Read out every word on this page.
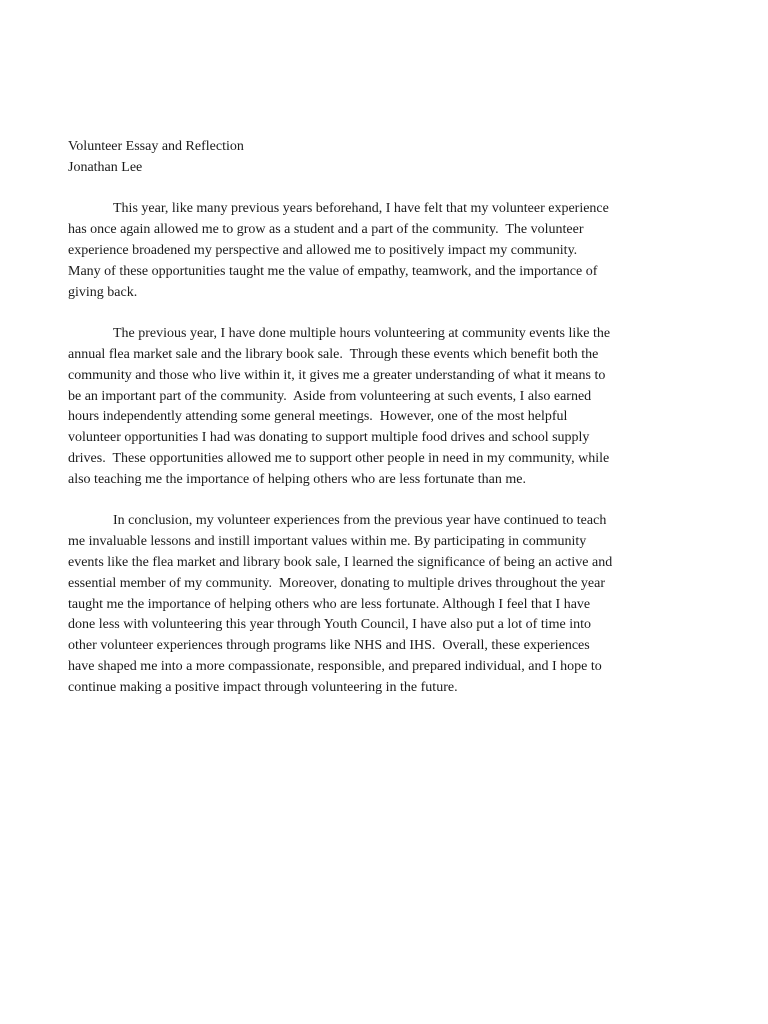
Volunteer Essay and Reflection

Jonathan Lee

This year, like many previous years beforehand, I have felt that my volunteer experience
has once again allowed me to grow as a student and a part of the community.  The volunteer
experience broadened my perspective and allowed me to positively impact my community.
Many of these opportunities taught me the value of empathy, teamwork, and the importance of
giving back.

The previous year, I have done multiple hours volunteering at community events like the
annual flea market sale and the library book sale.  Through these events which benefit both the
community and those who live within it, it gives me a greater understanding of what it means to
be an important part of the community.  Aside from volunteering at such events, I also earned
hours independently attending some general meetings.  However, one of the most helpful
volunteer opportunities I had was donating to support multiple food drives and school supply
drives.  These opportunities allowed me to support other people in need in my community, while
also teaching me the importance of helping others who are less fortunate than me.

In conclusion, my volunteer experiences from the previous year have continued to teach
me invaluable lessons and instill important values within me. By participating in community
events like the flea market and library book sale, I learned the significance of being an active and
essential member of my community.  Moreover, donating to multiple drives throughout the year
taught me the importance of helping others who are less fortunate. Although I feel that I have
done less with volunteering this year through Youth Council, I have also put a lot of time into
other volunteer experiences through programs like NHS and IHS.  Overall, these experiences
have shaped me into a more compassionate, responsible, and prepared individual, and I hope to
continue making a positive impact through volunteering in the future.
